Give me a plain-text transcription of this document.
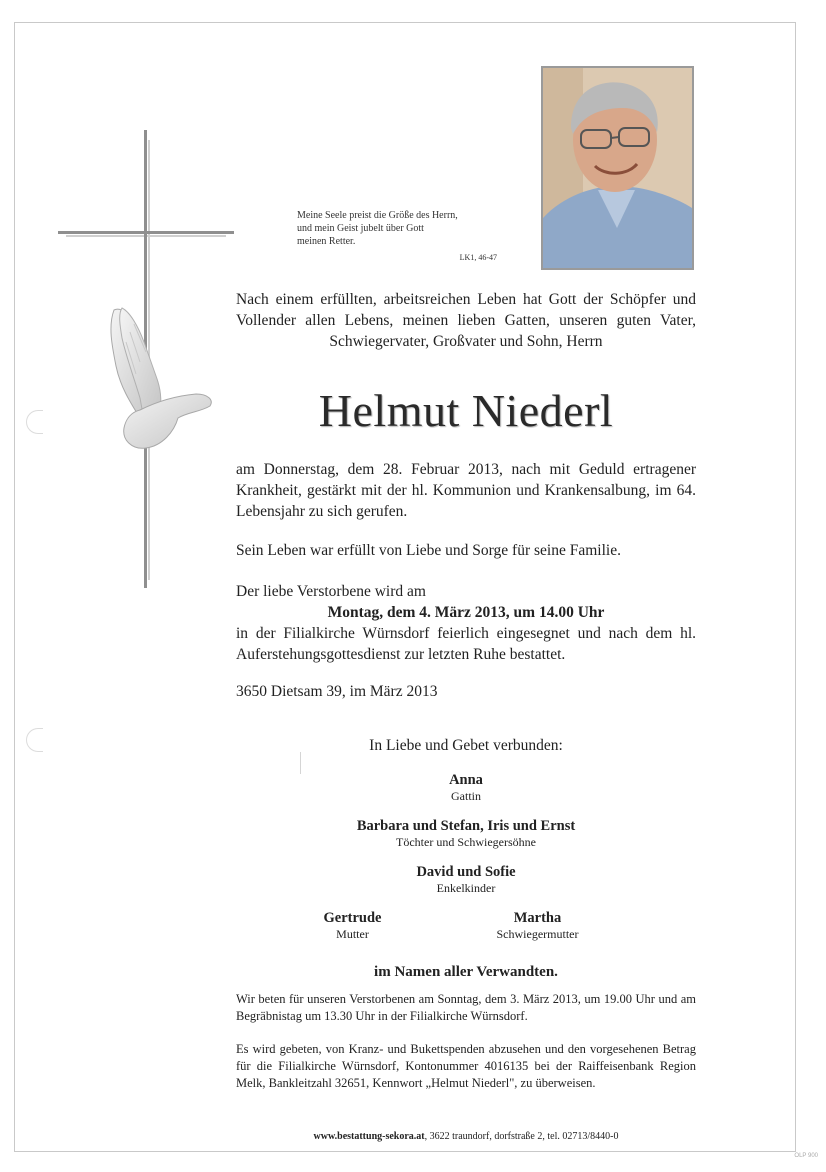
Meine Seele preist die Größe des Herrn,
und mein Geist jubelt über Gott
meinen Retter.
LK1, 46-47
Nach einem erfüllten, arbeitsreichen Leben hat Gott der Schöpfer und Vollender allen Lebens, meinen lieben Gatten, unseren guten Vater, Schwiegervater, Großvater und Sohn, Herrn
Helmut Niederl
am Donnerstag, dem 28. Februar 2013, nach mit Geduld ertragener Krankheit, gestärkt mit der hl. Kommunion und Krankensalbung, im 64. Lebensjahr zu sich gerufen.
Sein Leben war erfüllt von Liebe und Sorge für seine Familie.
Der liebe Verstorbene wird am
Montag, dem 4. März 2013, um 14.00 Uhr
in der Filialkirche Würnsdorf feierlich eingesegnet und nach dem hl. Auferstehungsgottesdienst zur letzten Ruhe bestattet.
3650 Dietsam 39, im März 2013
In Liebe und Gebet verbunden:
Anna
Gattin
Barbara und Stefan, Iris und Ernst
Töchter und Schwiegersöhne
David und Sofie
Enkelkinder
Gertrude
Mutter
Martha
Schwiegermutter
im Namen aller Verwandten.
Wir beten für unseren Verstorbenen am Sonntag, dem 3. März 2013, um 19.00 Uhr und am Begräbnistag um 13.30 Uhr in der Filialkirche Würnsdorf.
Es wird gebeten, von Kranz- und Bukettspenden abzusehen und den vorgesehenen Betrag für die Filialkirche Würnsdorf, Kontonummer 4016135 bei der Raiffeisenbank Region Melk, Bankleitzahl 32651, Kennwort „Helmut Niederl", zu überweisen.
www.bestattung-sekora.at, 3622 traundorf, dorfstraße 2, tel. 02713/8440-0
OLP 900
